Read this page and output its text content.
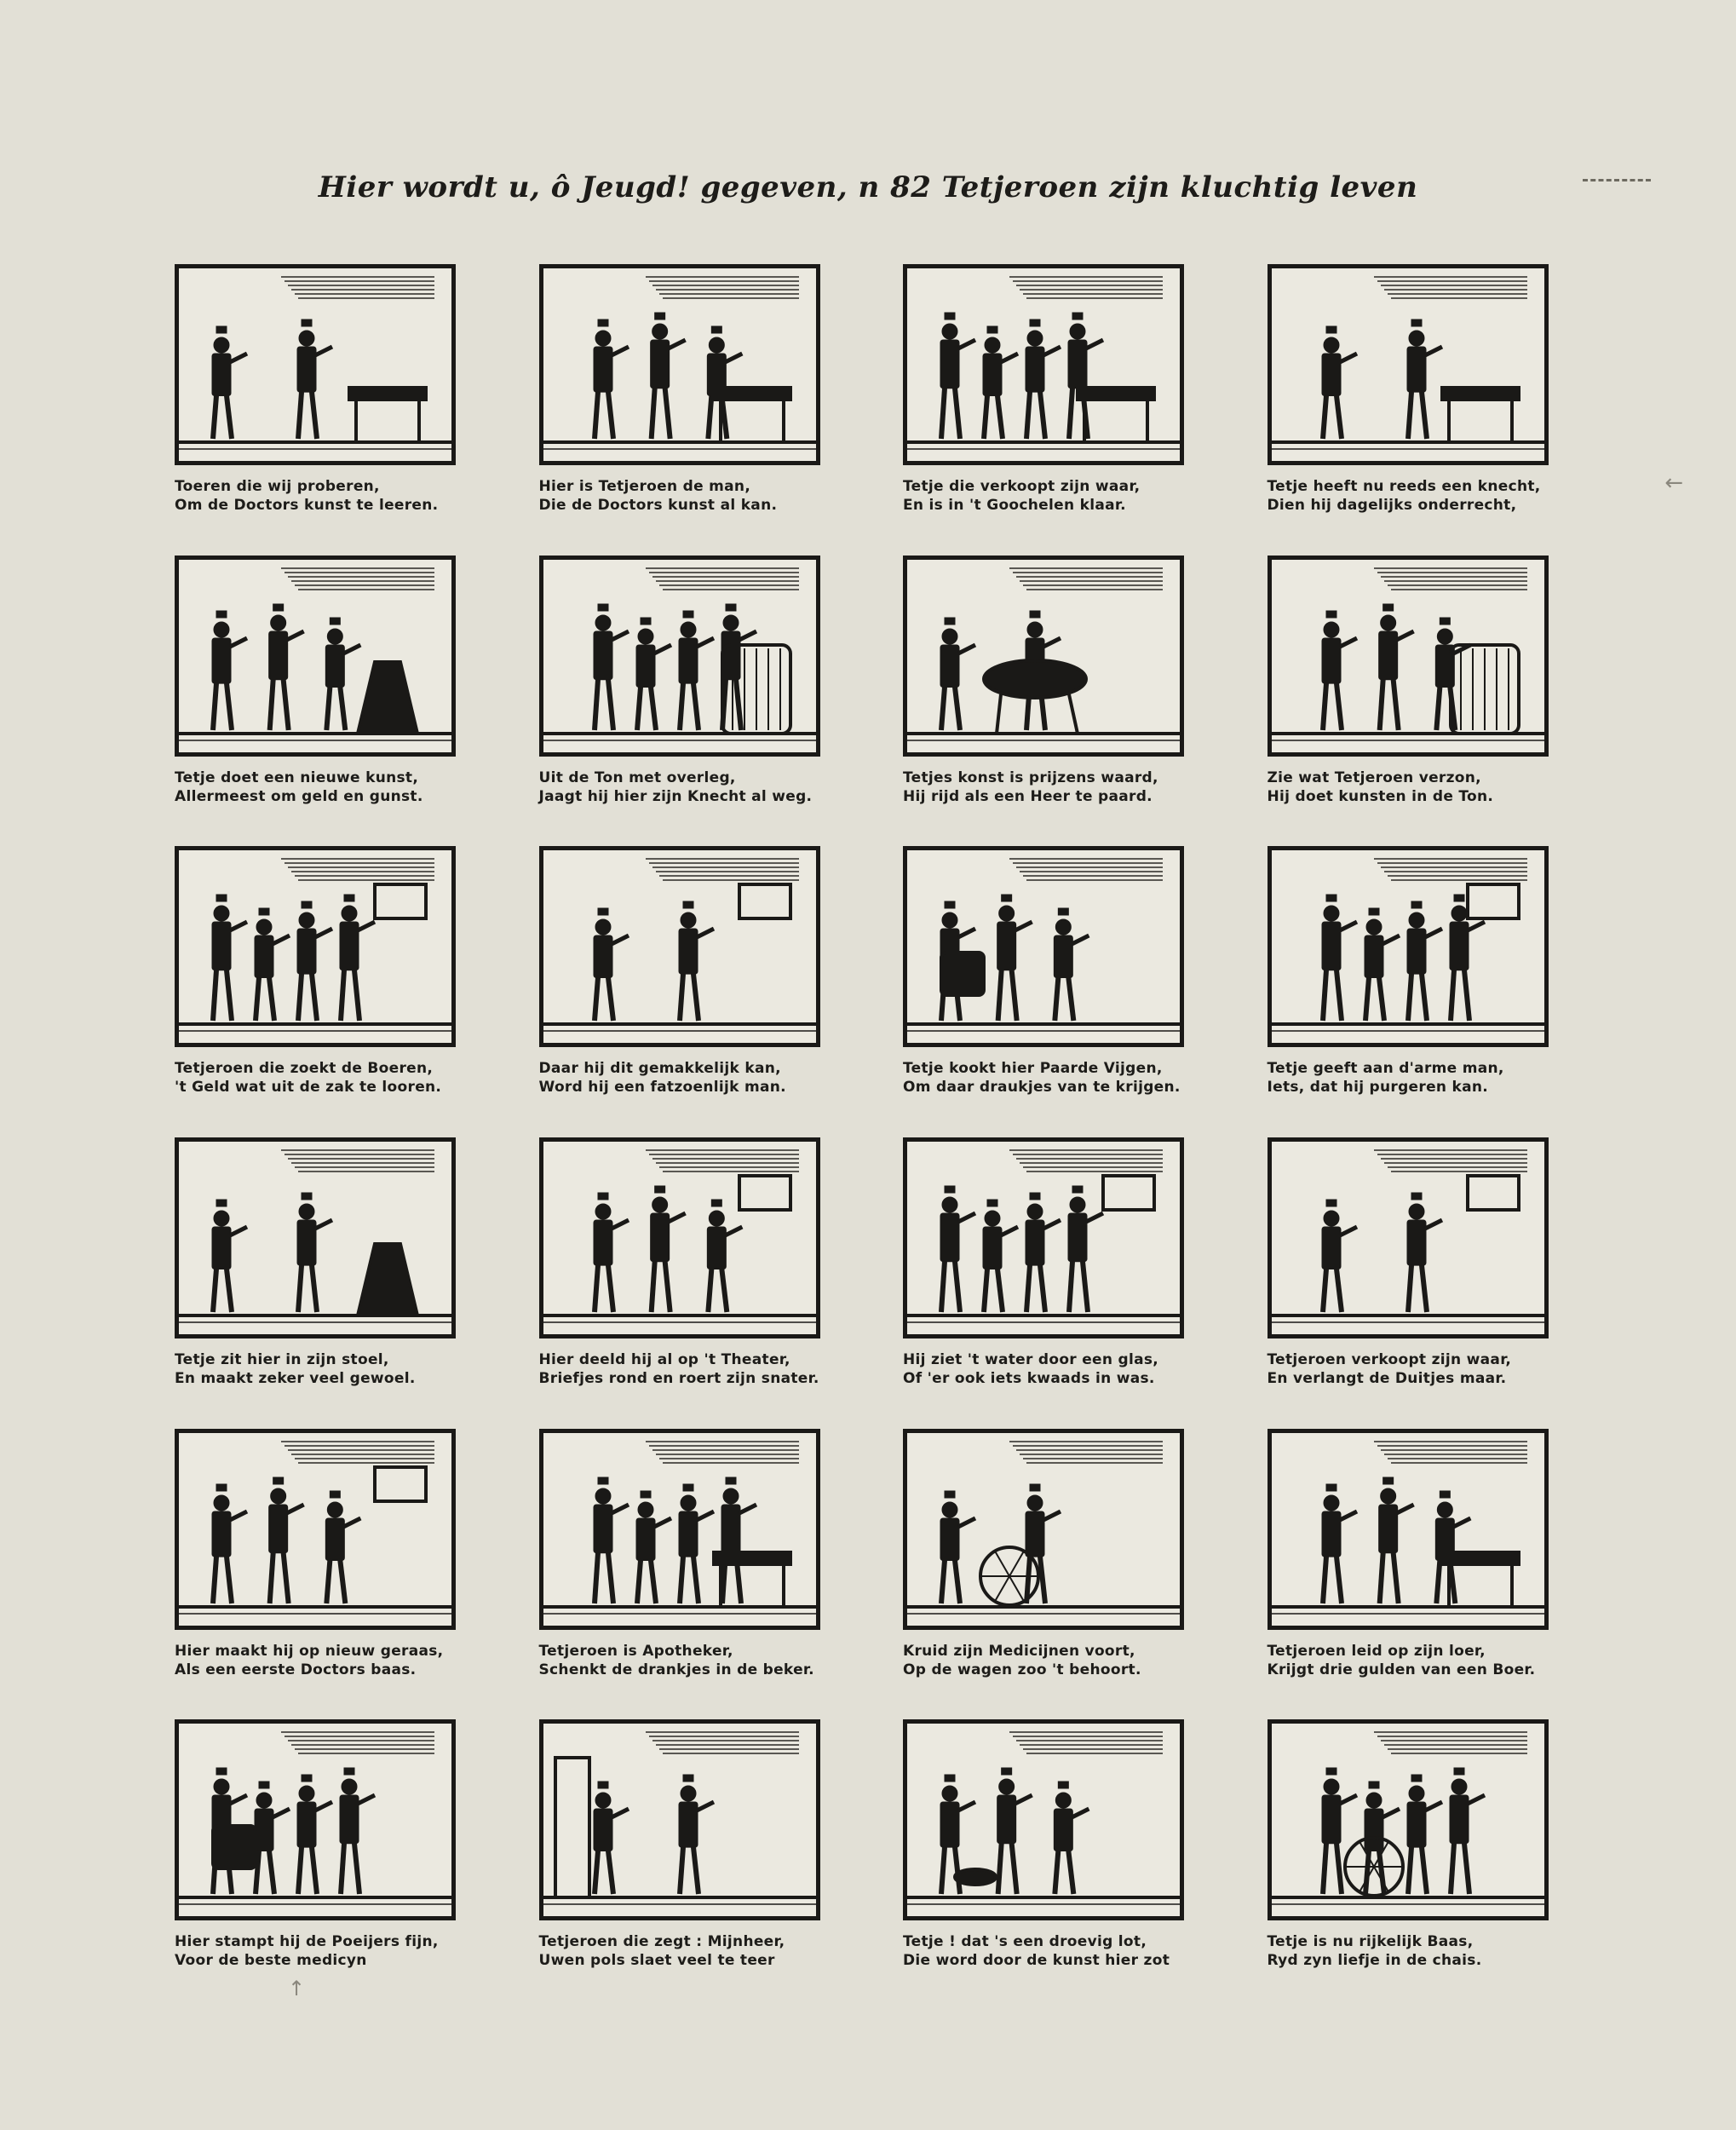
Hier wordt u, ô Jeugd! gegeven, n 82 Tetjeroen zijn kluchtig leven
←
↑
Toeren die wij proberen,
Om de Doctors kunst te leeren.
Hier is Tetjeroen de man,
Die de Doctors kunst al kan.
Tetje die verkoopt zijn waar,
En is in 't Goochelen klaar.
Tetje heeft nu reeds een knecht,
Dien hij dagelijks onderrecht,
Tetje doet een nieuwe kunst,
Allermeest om geld en gunst.
Uit de Ton met overleg,
Jaagt hij hier zijn Knecht al weg.
Tetjes konst is prijzens waard,
Hij rijd als een Heer te paard.
Zie wat Tetjeroen verzon,
Hij doet kunsten in de Ton.
Tetjeroen die zoekt de Boeren,
't Geld wat uit de zak te looren.
Daar hij dit gemakkelijk kan,
Word hij een fatzoenlijk man.
Tetje kookt hier Paarde Vijgen,
Om daar draukjes van te krijgen.
Tetje geeft aan d'arme man,
Iets, dat hij purgeren kan.
Tetje zit hier in zijn stoel,
En maakt zeker veel gewoel.
Hier deeld hij al op 't Theater,
Briefjes rond en roert zijn snater.
Hij ziet 't water door een glas,
Of 'er ook iets kwaads in was.
Tetjeroen verkoopt zijn waar,
En verlangt de Duitjes maar.
Hier maakt hij op nieuw geraas,
Als een eerste Doctors baas.
Tetjeroen is Apotheker,
Schenkt de drankjes in de beker.
Kruid zijn Medicijnen voort,
Op de wagen zoo 't behoort.
Tetjeroen leid op zijn loer,
Krijgt drie gulden van een Boer.
Hier stampt hij de Poeijers fijn,
Voor de beste medicyn
Tetjeroen die zegt : Mijnheer,
Uwen pols slaet veel te teer
Tetje ! dat 's een droevig lot,
Die word door de kunst hier zot
Tetje is nu rijkelijk Baas,
Ryd zyn liefje in de chais.
